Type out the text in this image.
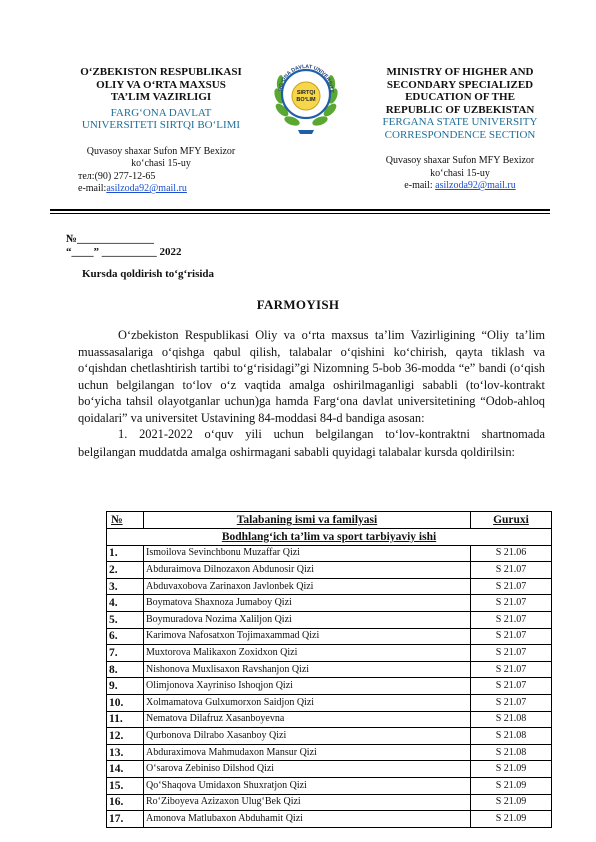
O‘ZBEKISTON RESPUBLIKASI
OLIY VA O‘RTA MAXSUS
TA’LIM VAZIRLIGI
FARG‘ONA DAVLAT
UNIVERSITETI SIRTQI BO‘LIMI
Quvasoy shaxar Sufon MFY Bexizor
ko‘chasi 15-uy
тел:(90) 277-12-65
e-mail:asilzoda92@mail.ru
RG‘ONA DAVLAT UNIVERSITE
SIRTQI
BO‘LIM
MINISTRY OF HIGHER AND
SECONDARY SPECIALIZED
EDUCATION OF THE
REPUBLIC OF UZBEKISTAN
FERGANA STATE UNIVERSITY
CORRESPONDENCE SECTION
Quvasoy shaxar Sufon MFY Bexizor
ko‘chasi 15-uy
e-mail: asilzoda92@mail.ru
№______________
“____” __________ 2022
Kursda qoldirish to‘g‘risida
FARMOYISH

O‘zbekiston Respublikasi Oliy va o‘rta maxsus ta’lim Vazirligining “Oliy ta’lim muassasalariga o‘qishga qabul qilish, talabalar o‘qishini ko‘chirish, qayta tiklash va o‘qishdan chetlashtirish tartibi to‘g‘risidagi”gi Nizomning 5-bob 36-modda “e” bandi (o‘qish uchun belgilangan to‘lov o‘z vaqtida amalga oshirilmaganligi sababli (to‘lov-kontrakt bo‘yicha tahsil olayotganlar uchun)ga hamda Farg‘ona davlat universitetining “Odob-ahloq qoidalari” va universitet Ustavining 84-moddasi 84-d bandiga asosan:

1. 2021-2022 o‘quv yili uchun belgilangan to‘lov-kontraktni shartnomada belgilangan muddatda amalga oshirmagani sababli quyidagi talabalar kursda qoldirilsin:

№	Talabaning ismi va familyasi	Guruxi
Bodhlang‘ich ta’lim va sport tarbiyaviy ishi		
1.	Ismoilova Sevinchbonu Muzaffar Qizi	S 21.06
2.	Abduraimova Dilnozaxon Abdunosir Qizi	S 21.07
3.	Abduvaxobova Zarinaxon Javlonbek Qizi	S 21.07
4.	Boymatova Shaxnoza Jumaboy Qizi	S 21.07
5.	Boymuradova Nozima Xaliljon Qizi	S 21.07
6.	Karimova Nafosatxon Tojimaxammad Qizi	S 21.07
7.	Muxtorova Malikaxon Zoxidxon Qizi	S 21.07
8.	Nishonova Muxlisaxon Ravshanjon Qizi	S 21.07
9.	Olimjonova Xayriniso Ishoqjon Qizi	S 21.07
10.	Xolmamatova Gulxumorxon Saidjon Qizi	S 21.07
11.	Nematova Dilafruz Xasanboyevna	S 21.08
12.	Qurbonova Dilrabo Xasanboy Qizi	S 21.08
13.	Abduraximova Mahmudaxon Mansur Qizi	S 21.08
14.	O‘sarova Zebiniso Dilshod Qizi	S 21.09
15.	Qo‘Shaqova Umidaxon Shuxratjon Qizi	S 21.09
16.	Ro‘Ziboyeva Azizaxon Ulug‘Bek Qizi	S 21.09
17.	Amonova Matlubaxon Abduhamit Qizi	S 21.09
